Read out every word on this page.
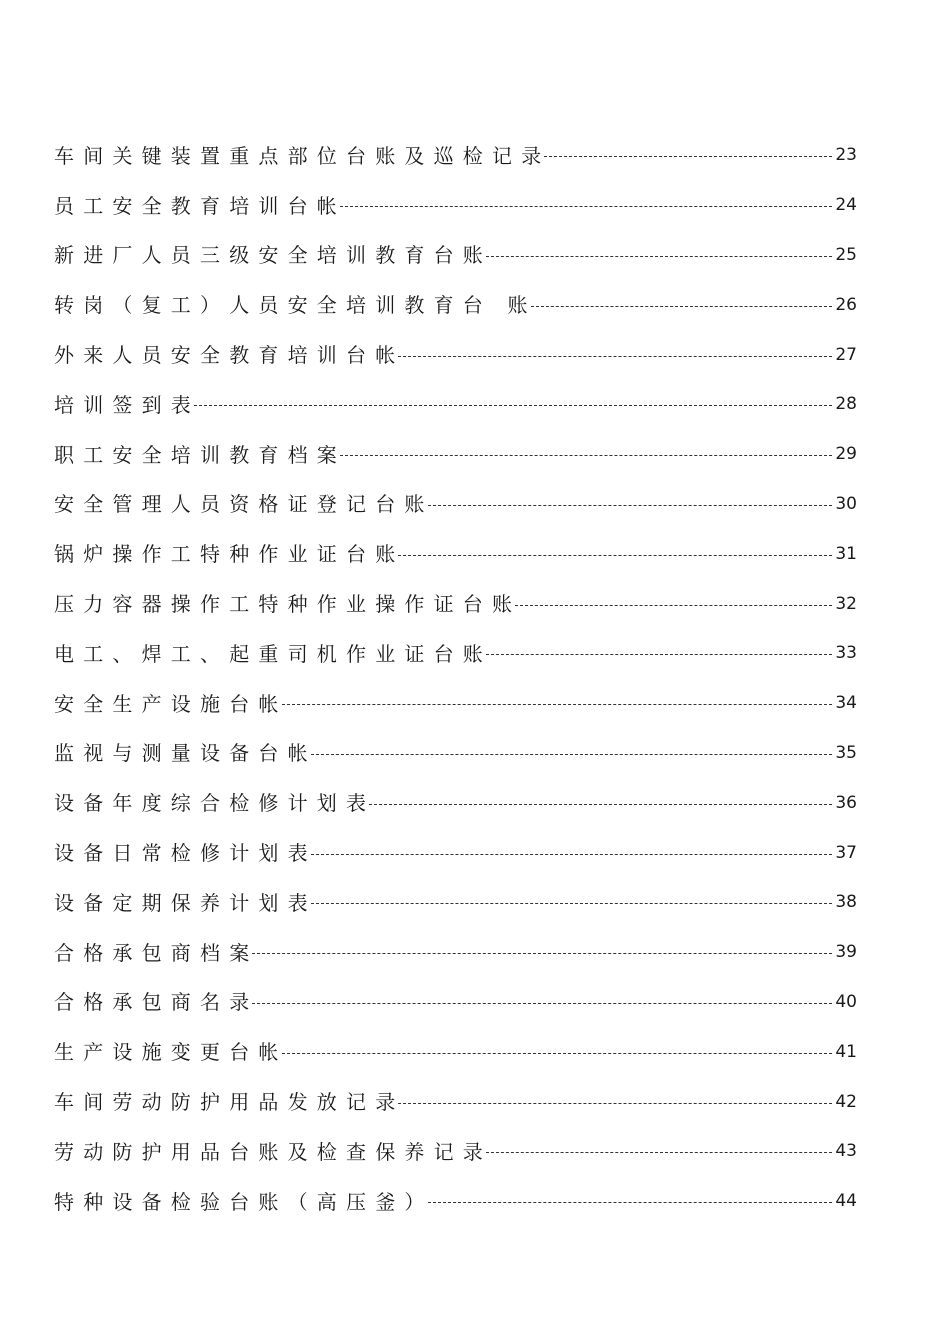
车间关键装置重点部位台账及巡检记录	23
员工安全教育培训台帐	24
新进厂人员三级安全培训教育台账	25
转岗（复工）人员安全培训教育台 账	26
外来人员安全教育培训台帐	27
培训签到表	28
职工安全培训教育档案	29
安全管理人员资格证登记台账	30
锅炉操作工特种作业证台账	31
压力容器操作工特种作业操作证台账	32
电工、焊工、起重司机作业证台账	33
安全生产设施台帐	34
监视与测量设备台帐	35
设备年度综合检修计划表	36
设备日常检修计划表	37
设备定期保养计划表	38
合格承包商档案	39
合格承包商名录	40
生产设施变更台帐	41
车间劳动防护用品发放记录	42
劳动防护用品台账及检查保养记录	43
特种设备检验台账（高压釜）	44
